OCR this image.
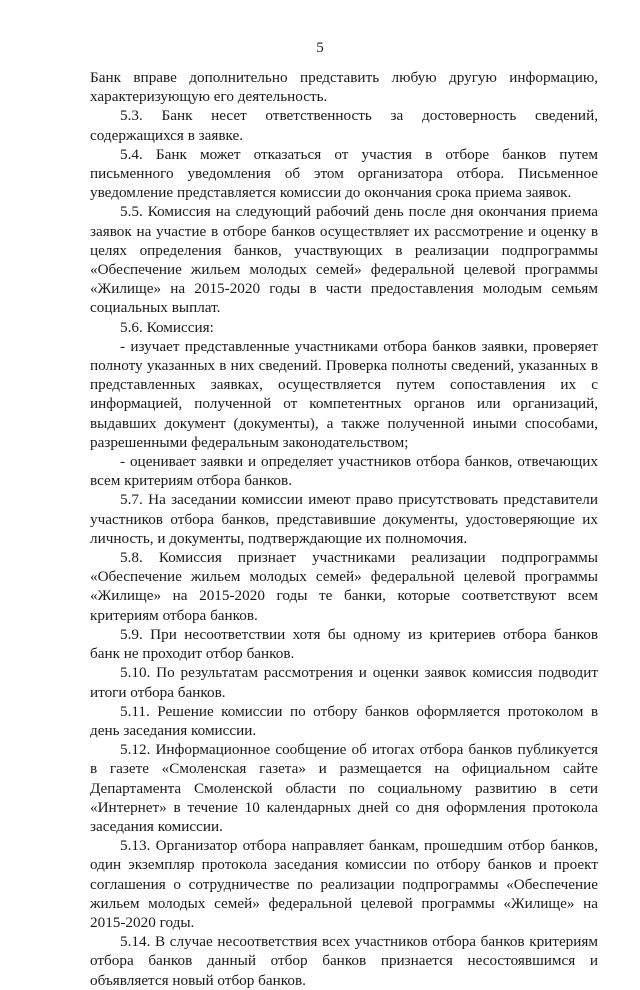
5

Банк вправе дополнительно представить любую другую информацию, характеризующую его деятельность.

5.3. Банк несет ответственность за достоверность сведений, содержащихся в заявке.

5.4. Банк может отказаться от участия в отборе банков путем письменного уведомления об этом организатора отбора. Письменное уведомление представляется комиссии до окончания срока приема заявок.

5.5. Комиссия на следующий рабочий день после дня окончания приема заявок на участие в отборе банков осуществляет их рассмотрение и оценку в целях определения банков, участвующих в реализации подпрограммы «Обеспечение жильем молодых семей» федеральной целевой программы «Жилище» на 2015-2020 годы в части предоставления молодым семьям социальных выплат.

5.6. Комиссия:

- изучает представленные участниками отбора банков заявки, проверяет полноту указанных в них сведений. Проверка полноты сведений, указанных в представленных заявках, осуществляется путем сопоставления их с информацией, полученной от компетентных органов или организаций, выдавших документ (документы), а также полученной иными способами, разрешенными федеральным законодательством;

- оценивает заявки и определяет участников отбора банков, отвечающих всем критериям отбора банков.

5.7. На заседании комиссии имеют право присутствовать представители участников отбора банков, представившие документы, удостоверяющие их личность, и документы, подтверждающие их полномочия.

5.8. Комиссия признает участниками реализации подпрограммы «Обеспечение жильем молодых семей» федеральной целевой программы «Жилище» на 2015-2020 годы те банки, которые соответствуют всем критериям отбора банков.

5.9. При несоответствии хотя бы одному из критериев отбора банков банк не проходит отбор банков.

5.10. По результатам рассмотрения и оценки заявок комиссия подводит итоги отбора банков.

5.11. Решение комиссии по отбору банков оформляется протоколом в день заседания комиссии.

5.12. Информационное сообщение об итогах отбора банков публикуется в газете «Смоленская газета» и размещается на официальном сайте Департамента Смоленской области по социальному развитию в сети «Интернет» в течение 10 календарных дней со дня оформления протокола заседания комиссии.

5.13. Организатор отбора направляет банкам, прошедшим отбор банков, один экземпляр протокола заседания комиссии по отбору банков и проект соглашения о сотрудничестве по реализации подпрограммы «Обеспечение жильем молодых семей» федеральной целевой программы «Жилище» на 2015-2020 годы.

5.14. В случае несоответствия всех участников отбора банков критериям отбора банков данный отбор банков признается несостоявшимся и объявляется новый отбор банков.
